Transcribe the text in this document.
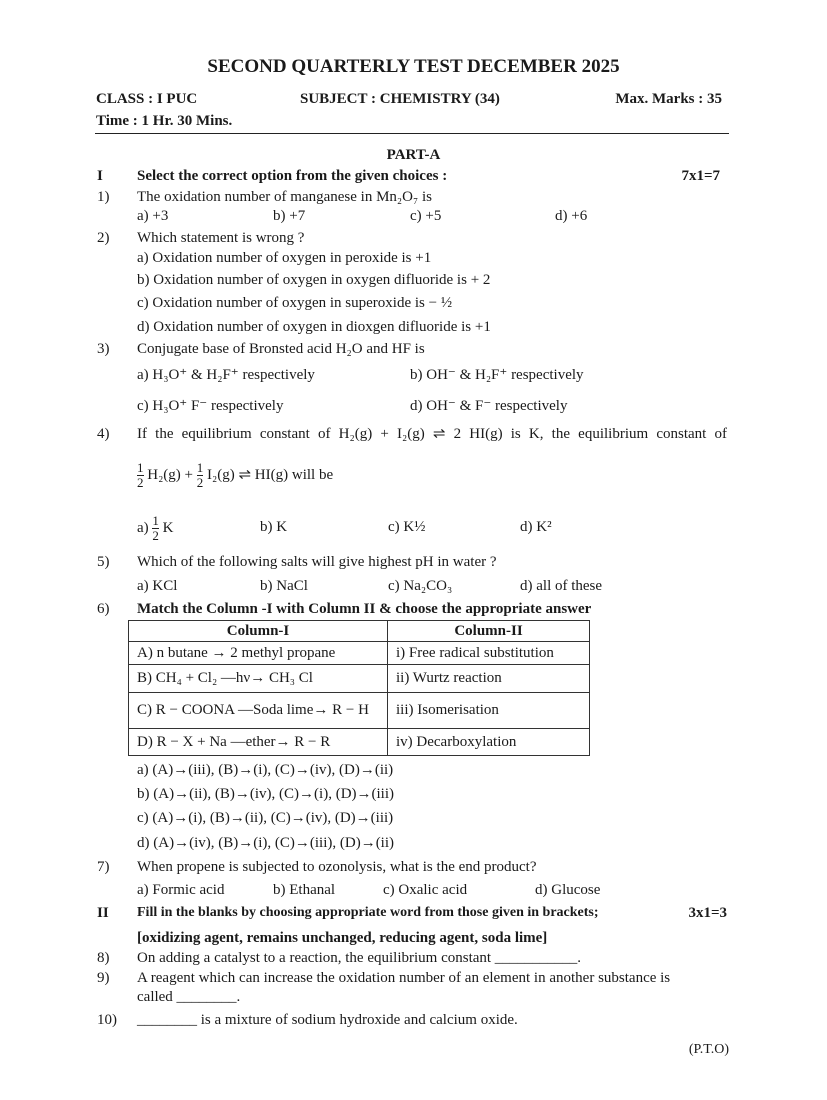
SECOND QUARTERLY TEST DECEMBER 2025
CLASS : I PUC	SUBJECT : CHEMISTRY (34)	Max. Marks : 35
Time : 1 Hr. 30 Mins.
PART-A
I Select the correct option from the given choices :	7x1=7
1) The oxidation number of manganese in Mn₂O₇ is
a) +3	b) +7	c) +5	d) +6
2) Which statement is wrong ?
a) Oxidation number of oxygen in peroxide is +1
b) Oxidation number of oxygen in oxygen difluoride is + 2
c) Oxidation number of oxygen in superoxide is − ½
d) Oxidation number of oxygen in dioxgen difluoride is +1
3) Conjugate base of Bronsted acid H₂O and HF is
a) H₃O⁺ & H₂F⁺ respectively	b) OH⁻ & H₂F⁺ respectively
c) H₃O⁺ F⁻ respectively	d) OH⁻ & F⁻ respectively
4) If the equilibrium constant of H₂(g) + I₂(g) ⇌ 2 HI(g) is K, the equilibrium constant of
$\frac{1}{2} H_2(g) + \frac{1}{2} I_2(g)$ ⇌ HI(g) will be
$a) \frac{1}{2}$ K	b) K	c) K½	d) K²
5) Which of the following salts will give highest pH in water ?
a) KCl	b) NaCl	c) Na₂CO₃	d) all of these
6) Match the Column -I with Column II & choose the appropriate answer
Column-I	Column-II
A) n butane → 2 methyl propane	i) Free radical substitution
B) CH₄ + Cl₂ —hν→ CH₃ Cl	ii) Wurtz reaction
C) R − COONA —Soda lime→ R − H	iii) Isomerisation
D) R − X + Na —ether→ R − R	iv) Decarboxylation
a) (A)→(iii), (B)→(i), (C)→(iv), (D)→(ii)
b) (A)→(ii), (B)→(iv), (C)→(i), (D)→(iii)
c) (A)→(i), (B)→(ii), (C)→(iv), (D)→(iii)
d) (A)→(iv), (B)→(i), (C)→(iii), (D)→(ii)
7) When propene is subjected to ozonolysis, what is the end product?
a) Formic acid	b) Ethanal	c) Oxalic acid	d) Glucose
II Fill in the blanks by choosing appropriate word from those given in brackets;	3x1=3
[oxidizing agent, remains unchanged, reducing agent, soda lime]
8) On adding a catalyst to a reaction, the equilibrium constant ___________.
9) A reagent which can increase the oxidation number of an element in another substance is
called ________.
10) ________ is a mixture of sodium hydroxide and calcium oxide.
(P.T.O)
